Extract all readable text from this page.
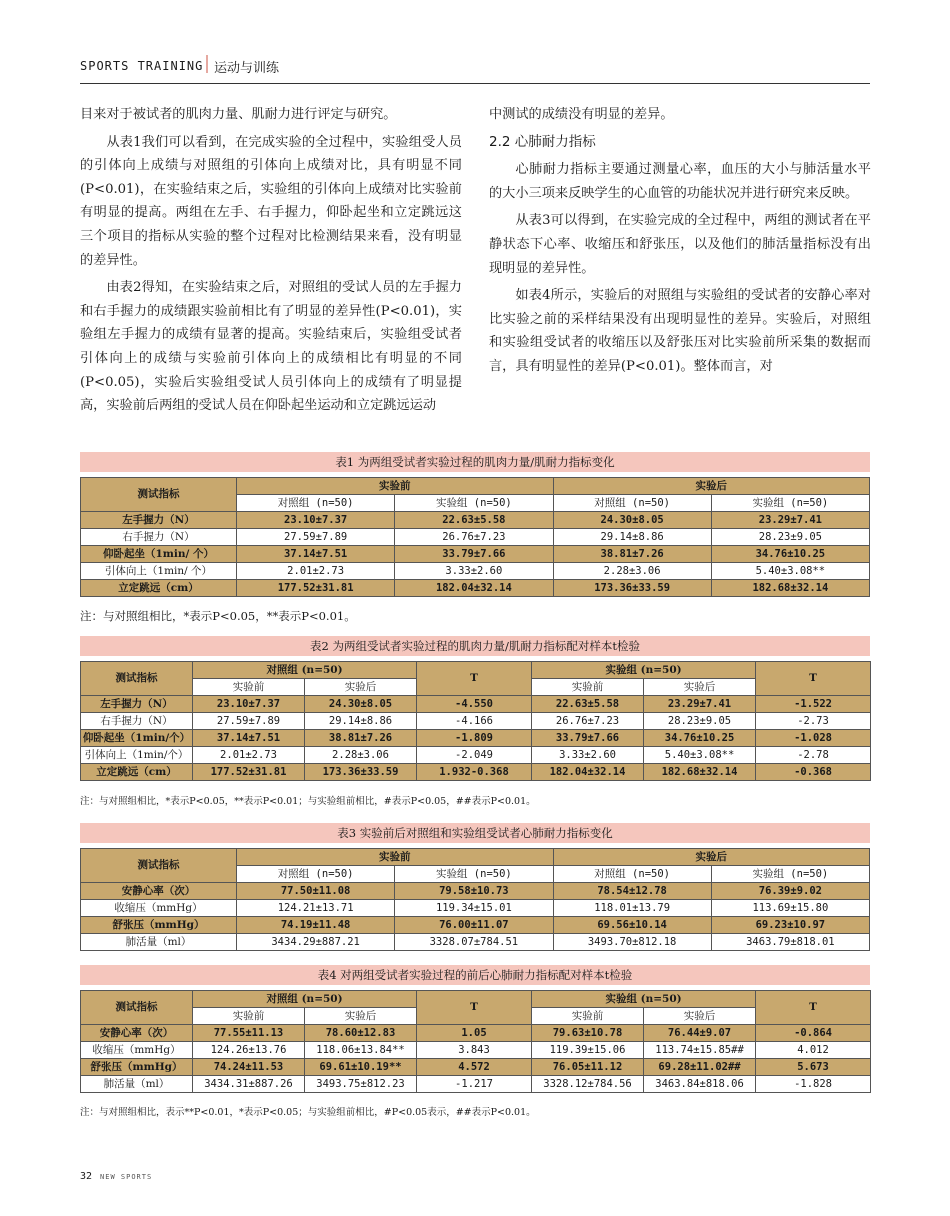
SPORTS TRAINING 运动与训练

目来对于被试者的肌肉力量、肌耐力进行评定与研究。

从表1我们可以看到，在完成实验的全过程中，实验组受人员的引体向上成绩与对照组的引体向上成绩对比，具有明显不同(P<0.01)，在实验结束之后，实验组的引体向上成绩对比实验前有明显的提高。两组在左手、右手握力，仰卧起坐和立定跳远这三个项目的指标从实验的整个过程对比检测结果来看，没有明显的差异性。

由表2得知，在实验结束之后，对照组的受试人员的左手握力和右手握力的成绩跟实验前相比有了明显的差异性(P<0.01)，实验组左手握力的成绩有显著的提高。实验结束后，实验组受试者引体向上的成绩与实验前引体向上的成绩相比有明显的不同(P<0.05)，实验后实验组受试人员引体向上的成绩有了明显提高，实验前后两组的受试人员在仰卧起坐运动和立定跳远运动

中测试的成绩没有明显的差异。

2.2 心肺耐力指标

心肺耐力指标主要通过测量心率，血压的大小与肺活量水平的大小三项来反映学生的心血管的功能状况并进行研究来反映。

从表3可以得到，在实验完成的全过程中，两组的测试者在平静状态下心率、收缩压和舒张压，以及他们的肺活量指标没有出现明显的差异性。

如表4所示，实验后的对照组与实验组的受试者的安静心率对比实验之前的采样结果没有出现明显性的差异。实验后，对照组和实验组受试者的收缩压以及舒张压对比实验前所采集的数据而言，具有明显性的差异(P<0.01)。整体而言，对

表1 为两组受试者实验过程的肌肉力量/肌耐力指标变化
测试指标	实验前		实验后	
	对照组 (n=50)	实验组 (n=50)	对照组 (n=50)	实验组 (n=50)
左手握力（N）	23.10±7.37	22.63±5.58	24.30±8.05	23.29±7.41
右手握力（N）	27.59±7.89	26.76±7.23	29.14±8.86	28.23±9.05
仰卧起坐（1min/ 个）	37.14±7.51	33.79±7.66	38.81±7.26	34.76±10.25
引体向上（1min/ 个）	2.01±2.73	3.33±2.60	2.28±3.06	5.40±3.08**
立定跳远（cm）	177.52±31.81	182.04±32.14	173.36±33.59	182.68±32.14
注：与对照组相比，*表示P<0.05，**表示P<0.01。
表2 为两组受试者实验过程的肌肉力量/肌耐力指标配对样本t检验
测试指标	对照组 (n=50)		T	实验组 (n=50)		T
	实验前	实验后		实验前	实验后	
左手握力（N）	23.10±7.37	24.30±8.05	-4.550	22.63±5.58	23.29±7.41	-1.522
右手握力（N）	27.59±7.89	29.14±8.86	-4.166	26.76±7.23	28.23±9.05	-2.73
仰卧起坐（1min/个）	37.14±7.51	38.81±7.26	-1.809	33.79±7.66	34.76±10.25	-1.028
引体向上（1min/个）	2.01±2.73	2.28±3.06	-2.049	3.33±2.60	5.40±3.08**	-2.78
立定跳远（cm）	177.52±31.81	173.36±33.59	1.932-0.368	182.04±32.14	182.68±32.14	-0.368
注：与对照组相比，*表示P<0.05，**表示P<0.01；与实验组前相比，#表示P<0.05，##表示P<0.01。
表3 实验前后对照组和实验组受试者心肺耐力指标变化
测试指标	实验前		实验后	
	对照组 (n=50)	实验组 (n=50)	对照组 (n=50)	实验组 (n=50)
安静心率（次）	77.50±11.08	79.58±10.73	78.54±12.78	76.39±9.02
收缩压（mmHg）	124.21±13.71	119.34±15.01	118.01±13.79	113.69±15.80
舒张压（mmHg）	74.19±11.48	76.00±11.07	69.56±10.14	69.23±10.97
肺活量（ml）	3434.29±887.21	3328.07±784.51	3493.70±812.18	3463.79±818.01
表4 对两组受试者实验过程的前后心肺耐力指标配对样本t检验
测试指标	对照组 (n=50)		T	实验组 (n=50)		T
	实验前	实验后		实验前	实验后	
安静心率（次）	77.55±11.13	78.60±12.83	1.05	79.63±10.78	76.44±9.07	-0.864
收缩压（mmHg）	124.26±13.76	118.06±13.84**	3.843	119.39±15.06	113.74±15.85##	4.012
舒张压（mmHg）	74.24±11.53	69.61±10.19**	4.572	76.05±11.12	69.28±11.02##	5.673
肺活量（ml）	3434.31±887.26	3493.75±812.23	-1.217	3328.12±784.56	3463.84±818.06	-1.828
注：与对照组相比，表示**P<0.01，*表示P<0.05；与实验组前相比，#P<0.05表示，##表示P<0.01。
32 NEW SPORTS
